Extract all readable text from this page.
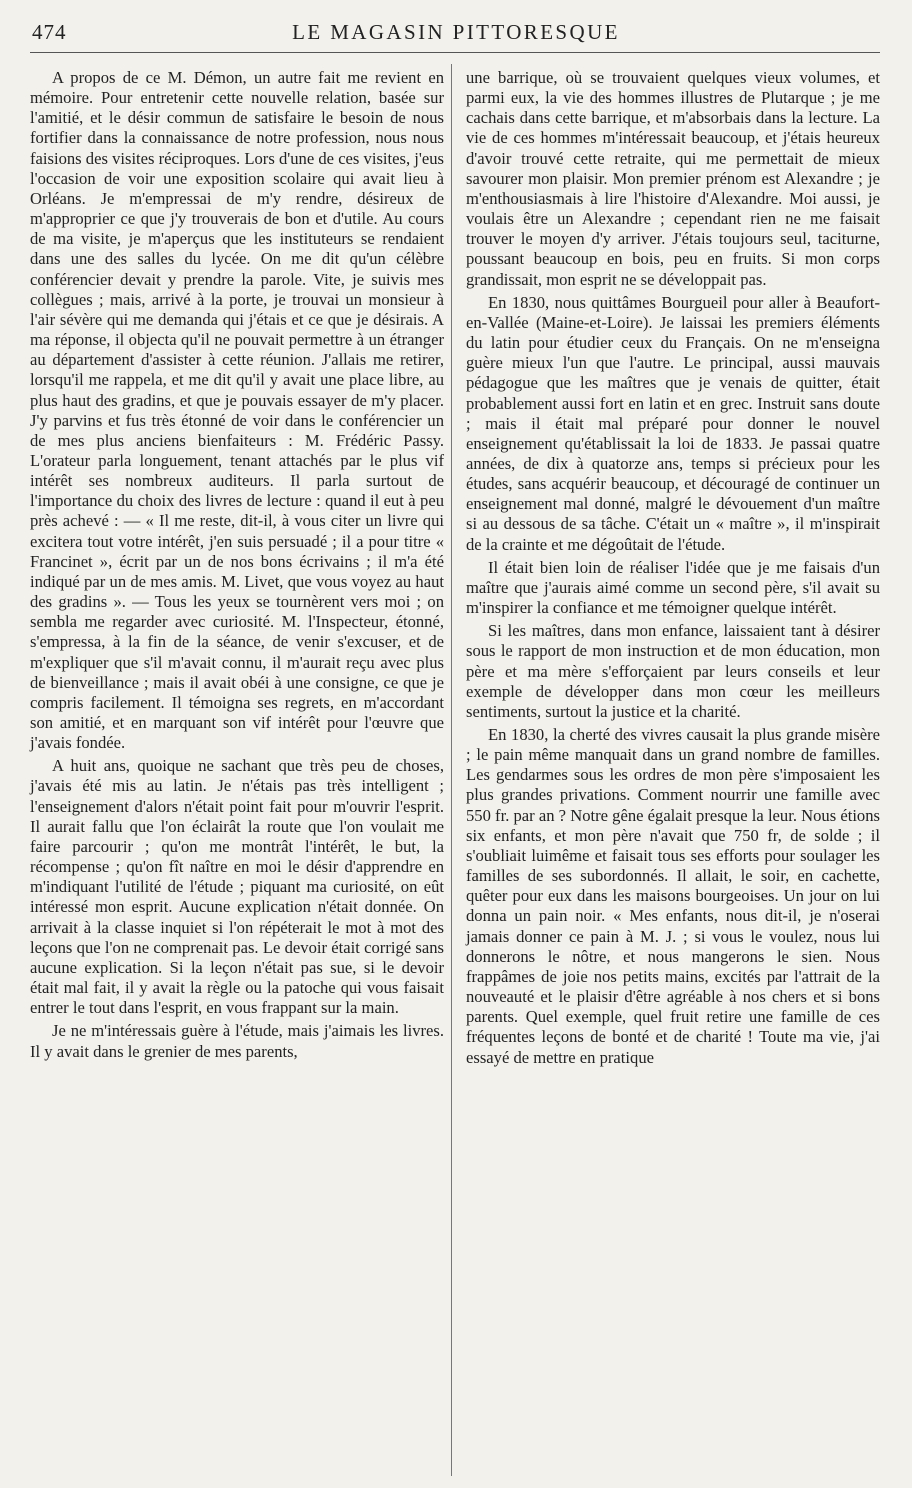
474	LE MAGASIN PITTORESQUE

A propos de ce M. Démon, un autre fait me revient en mémoire. Pour entretenir cette nouvelle relation, basée sur l'amitié, et le désir commun de satisfaire le besoin de nous fortifier dans la connaissance de notre profession, nous nous faisions des visites réciproques. Lors d'une de ces visites, j'eus l'occasion de voir une exposition scolaire qui avait lieu à Orléans. Je m'empressai de m'y rendre, désireux de m'approprier ce que j'y trouverais de bon et d'utile. Au cours de ma visite, je m'aperçus que les instituteurs se rendaient dans une des salles du lycée. On me dit qu'un célèbre conférencier devait y prendre la parole. Vite, je suivis mes collègues ; mais, arrivé à la porte, je trouvai un monsieur à l'air sévère qui me demanda qui j'étais et ce que je désirais. A ma réponse, il objecta qu'il ne pouvait permettre à un étranger au département d'assister à cette réunion. J'allais me retirer, lorsqu'il me rappela, et me dit qu'il y avait une place libre, au plus haut des gradins, et que je pouvais essayer de m'y placer. J'y parvins et fus très étonné de voir dans le conférencier un de mes plus anciens bienfaiteurs : M. Frédéric Passy. L'orateur parla longuement, tenant attachés par le plus vif intérêt ses nombreux auditeurs. Il parla surtout de l'importance du choix des livres de lecture : quand il eut à peu près achevé : — « Il me reste, dit-il, à vous citer un livre qui excitera tout votre intérêt, j'en suis persuadé ; il a pour titre « Francinet », écrit par un de nos bons écrivains ; il m'a été indiqué par un de mes amis. M. Livet, que vous voyez au haut des gradins ». — Tous les yeux se tournèrent vers moi ; on sembla me regarder avec curiosité. M. l'Inspecteur, étonné, s'empressa, à la fin de la séance, de venir s'excuser, et de m'expliquer que s'il m'avait connu, il m'aurait reçu avec plus de bienveillance ; mais il avait obéi à une consigne, ce que je compris facilement. Il témoigna ses regrets, en m'accordant son amitié, et en marquant son vif intérêt pour l'œuvre que j'avais fondée.

A huit ans, quoique ne sachant que très peu de choses, j'avais été mis au latin. Je n'étais pas très intelligent ; l'enseignement d'alors n'était point fait pour m'ouvrir l'esprit. Il aurait fallu que l'on éclairât la route que l'on voulait me faire parcourir ; qu'on me montrât l'intérêt, le but, la récompense ; qu'on fît naître en moi le désir d'apprendre en m'indiquant l'utilité de l'étude ; piquant ma curiosité, on eût intéressé mon esprit. Aucune explication n'était donnée. On arrivait à la classe inquiet si l'on répéterait le mot à mot des leçons que l'on ne comprenait pas. Le devoir était corrigé sans aucune explication. Si la leçon n'était pas sue, si le devoir était mal fait, il y avait la règle ou la patoche qui vous faisait entrer le tout dans l'esprit, en vous frappant sur la main.

Je ne m'intéressais guère à l'étude, mais j'aimais les livres. Il y avait dans le grenier de mes parents,

une barrique, où se trouvaient quelques vieux volumes, et parmi eux, la vie des hommes illustres de Plutarque ; je me cachais dans cette barrique, et m'absorbais dans la lecture. La vie de ces hommes m'intéressait beaucoup, et j'étais heureux d'avoir trouvé cette retraite, qui me permettait de mieux savourer mon plaisir. Mon premier prénom est Alexandre ; je m'enthousiasmais à lire l'histoire d'Alexandre. Moi aussi, je voulais être un Alexandre ; cependant rien ne me faisait trouver le moyen d'y arriver. J'étais toujours seul, taciturne, poussant beaucoup en bois, peu en fruits. Si mon corps grandissait, mon esprit ne se développait pas.

En 1830, nous quittâmes Bourgueil pour aller à Beaufort-en-Vallée (Maine-et-Loire). Je laissai les premiers éléments du latin pour étudier ceux du Français. On ne m'enseigna guère mieux l'un que l'autre. Le principal, aussi mauvais pédagogue que les maîtres que je venais de quitter, était probablement aussi fort en latin et en grec. Instruit sans doute ; mais il était mal préparé pour donner le nouvel enseignement qu'établissait la loi de 1833. Je passai quatre années, de dix à quatorze ans, temps si précieux pour les études, sans acquérir beaucoup, et découragé de continuer un enseignement mal donné, malgré le dévouement d'un maître si au dessous de sa tâche. C'était un « maître », il m'inspirait de la crainte et me dégoûtait de l'étude.

Il était bien loin de réaliser l'idée que je me faisais d'un maître que j'aurais aimé comme un second père, s'il avait su m'inspirer la confiance et me témoigner quelque intérêt.

Si les maîtres, dans mon enfance, laissaient tant à désirer sous le rapport de mon instruction et de mon éducation, mon père et ma mère s'efforçaient par leurs conseils et leur exemple de développer dans mon cœur les meilleurs sentiments, surtout la justice et la charité.

En 1830, la cherté des vivres causait la plus grande misère ; le pain même manquait dans un grand nombre de familles. Les gendarmes sous les ordres de mon père s'imposaient les plus grandes privations. Comment nourrir une famille avec 550 fr. par an ? Notre gêne égalait presque la leur. Nous étions six enfants, et mon père n'avait que 750 fr, de solde ; il s'oubliait luimême et faisait tous ses efforts pour soulager les familles de ses subordonnés. Il allait, le soir, en cachette, quêter pour eux dans les maisons bourgeoises. Un jour on lui donna un pain noir. « Mes enfants, nous dit-il, je n'oserai jamais donner ce pain à M. J. ; si vous le voulez, nous lui donnerons le nôtre, et nous mangerons le sien. Nous frappâmes de joie nos petits mains, excités par l'attrait de la nouveauté et le plaisir d'être agréable à nos chers et si bons parents. Quel exemple, quel fruit retire une famille de ces fréquentes leçons de bonté et de charité ! Toute ma vie, j'ai essayé de mettre en pratique
